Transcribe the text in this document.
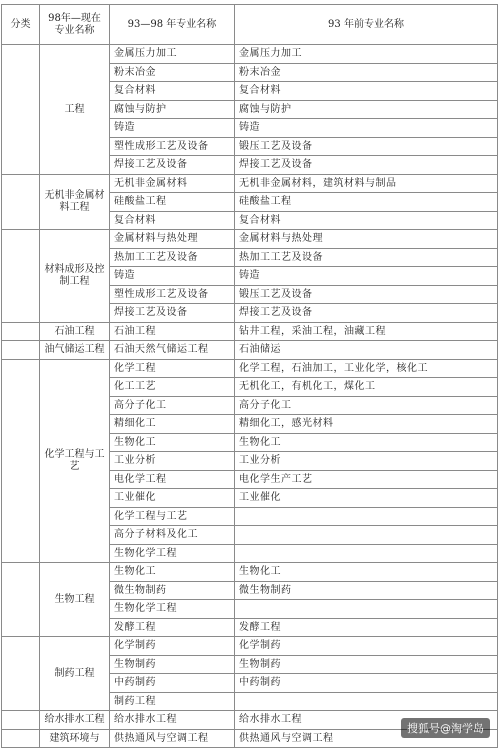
分类	98年—现在专业名称	93—98 年专业名称	93 年前专业名称
	工程	金属压力加工	金属压力加工
		粉末冶金	粉末冶金
		复合材料	复合材料
		腐蚀与防护	腐蚀与防护
		铸造	铸造
		塑性成形工艺及设备	锻压工艺及设备
		焊接工艺及设备	焊接工艺及设备
	无机非金属材料工程	无机非金属材料	无机非金属材料，建筑材料与制品
		硅酸盐工程	硅酸盐工程
		复合材料	复合材料
	材料成形及控制工程	金属材料与热处理	金属材料与热处理
		热加工工艺及设备	热加工工艺及设备
		铸造	铸造
		塑性成形工艺及设备	锻压工艺及设备
		焊接工艺及设备	焊接工艺及设备
	石油工程	石油工程	钻井工程，采油工程，油藏工程
	油气储运工程	石油天然气储运工程	石油储运
	化学工程与工艺	化学工程	化学工程，石油加工，工业化学，核化工
		化工工艺	无机化工，有机化工，煤化工
		高分子化工	高分子化工
		精细化工	精细化工，感光材料
		生物化工	生物化工
		工业分析	工业分析
		电化学工程	电化学生产工艺
		工业催化	工业催化
		化学工程与工艺	
		高分子材料及化工	
		生物化学工程	
	生物工程	生物化工	生物化工
		微生物制药	微生物制药
		生物化学工程	
		发酵工程	发酵工程
	制药工程	化学制药	化学制药
		生物制药	生物制药
		中药制药	中药制药
		制药工程	
	给水排水工程	给水排水工程	给水排水工程
	建筑环境与	供热通风与空调工程	供热通风与空调工程
搜狐号@淘学岛
